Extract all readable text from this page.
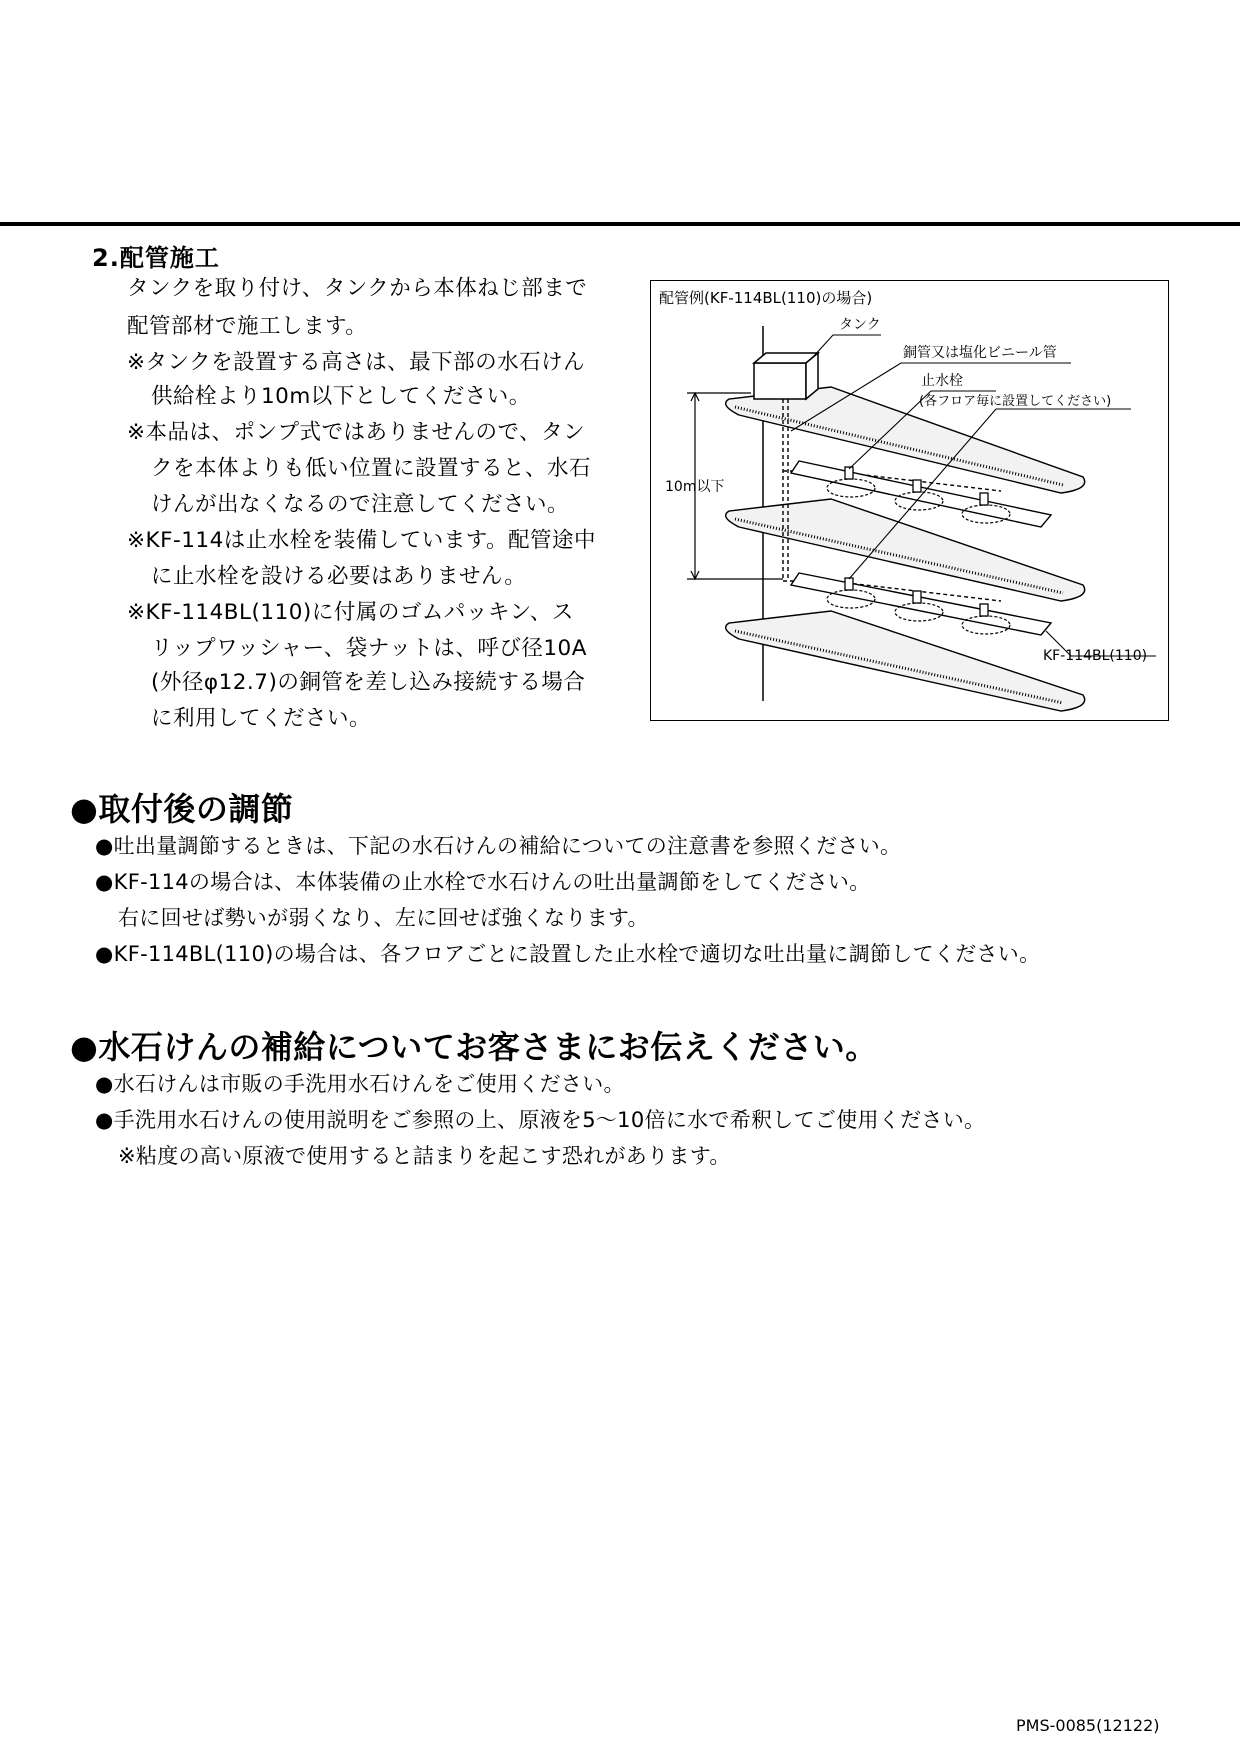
2.配管施工
タンクを取り付け、タンクから本体ねじ部まで
配管部材で施工します。
※タンクを設置する高さは、最下部の水石けん
供給栓より10m以下としてください。
※本品は、ポンプ式ではありませんので、タン
クを本体よりも低い位置に設置すると、水石
けんが出なくなるので注意してください。
※KF-114は止水栓を装備しています。配管途中
に止水栓を設ける必要はありません。
※KF-114BL(110)に付属のゴムパッキン、ス
リップワッシャー、袋ナットは、呼び径10A
(外径φ12.7)の銅管を差し込み接続する場合
に利用してください。
配管例(KF-114BL(110)の場合)
10m以下
タンク
銅管又は塩化ビニール管
止水栓
(各フロア毎に設置してください)
KF-114BL(110)
●取付後の調節
●吐出量調節するときは、下記の水石けんの補給についての注意書を参照ください。
●KF-114の場合は、本体装備の止水栓で水石けんの吐出量調節をしてください。
右に回せば勢いが弱くなり、左に回せば強くなります。
●KF-114BL(110)の場合は、各フロアごとに設置した止水栓で適切な吐出量に調節してください。
●水石けんの補給についてお客さまにお伝えください。
●水石けんは市販の手洗用水石けんをご使用ください。
●手洗用水石けんの使用説明をご参照の上、原液を5～10倍に水で希釈してご使用ください。
※粘度の高い原液で使用すると詰まりを起こす恐れがあります。
PMS-0085(12122)
